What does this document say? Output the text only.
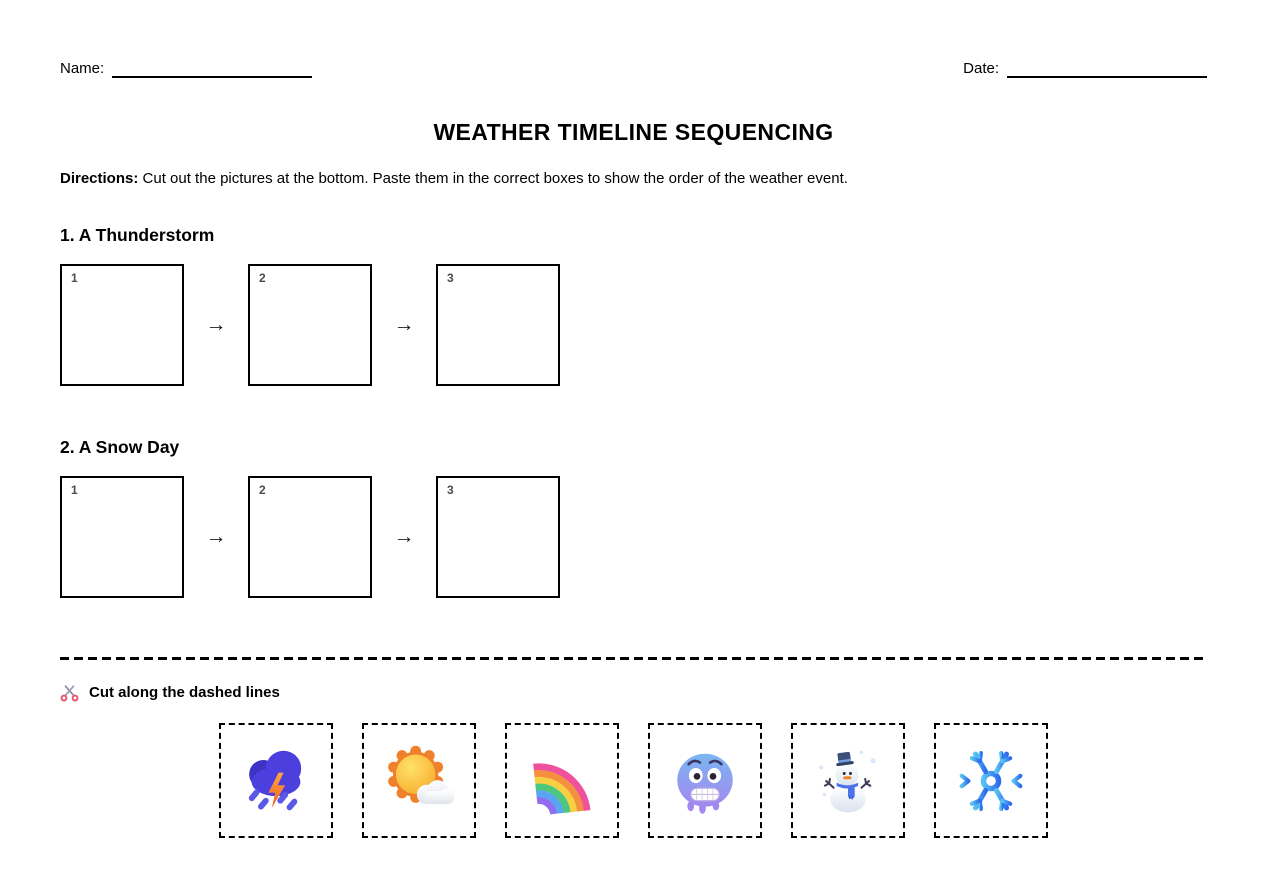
Name:	Date:
WEATHER TIMELINE SEQUENCING
Directions: Cut out the pictures at the bottom. Paste them in the correct boxes to show the order of the weather event.
1. A Thunderstorm
1
→
2
→
3
2. A Snow Day
1
→
2
→
3
Cut along the dashed lines
